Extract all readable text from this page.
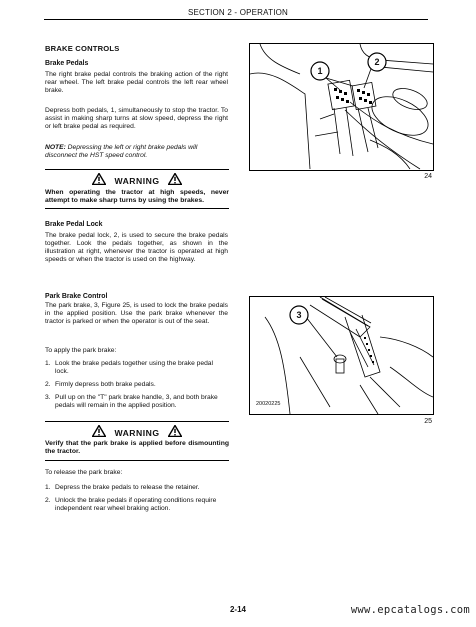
SECTION 2 - OPERATION
BRAKE CONTROLS
Brake Pedals
The right brake pedal controls the braking action of the right rear wheel. The left brake pedal controls the left rear wheel brake.
Depress both pedals, 1, simultaneously to stop the tractor. To assist in making sharp turns at slow speed, depress the right or left brake pedal as required.
NOTE: Depressing the left or right brake pedals will disconnect the HST speed control.
WARNING
When operating the tractor at high speeds, never attempt to make sharp turns by using the brakes.
Brake Pedal Lock
The brake pedal lock, 2, is used to secure the brake pedals together. Look the pedals together, as shown in the illustration at right, whenever the tractor is operated at high speeds or when the tractor is used on the highway.
Park Brake Control
The park brake, 3, Figure 25, is used to lock the brake pedals in the applied position. Use the park brake whenever the tractor is parked or when the operator is out of the seat.
To apply the park brake:
1. Look the brake pedals together using the brake pedal lock.
2. Firmly depress both brake pedals.
3. Pull up on the "T" park brake handle, 3, and both brake pedals will remain in the applied position.
WARNING
Verify that the park brake is applied before dismounting the tractor.
To release the park brake:
1. Depress the brake pedals to release the retainer.
2. Unlock the brake pedals if operating conditions require independent rear wheel braking action.
1
2
24
3
20020225
25
2-14	www.epcatalogs.com
